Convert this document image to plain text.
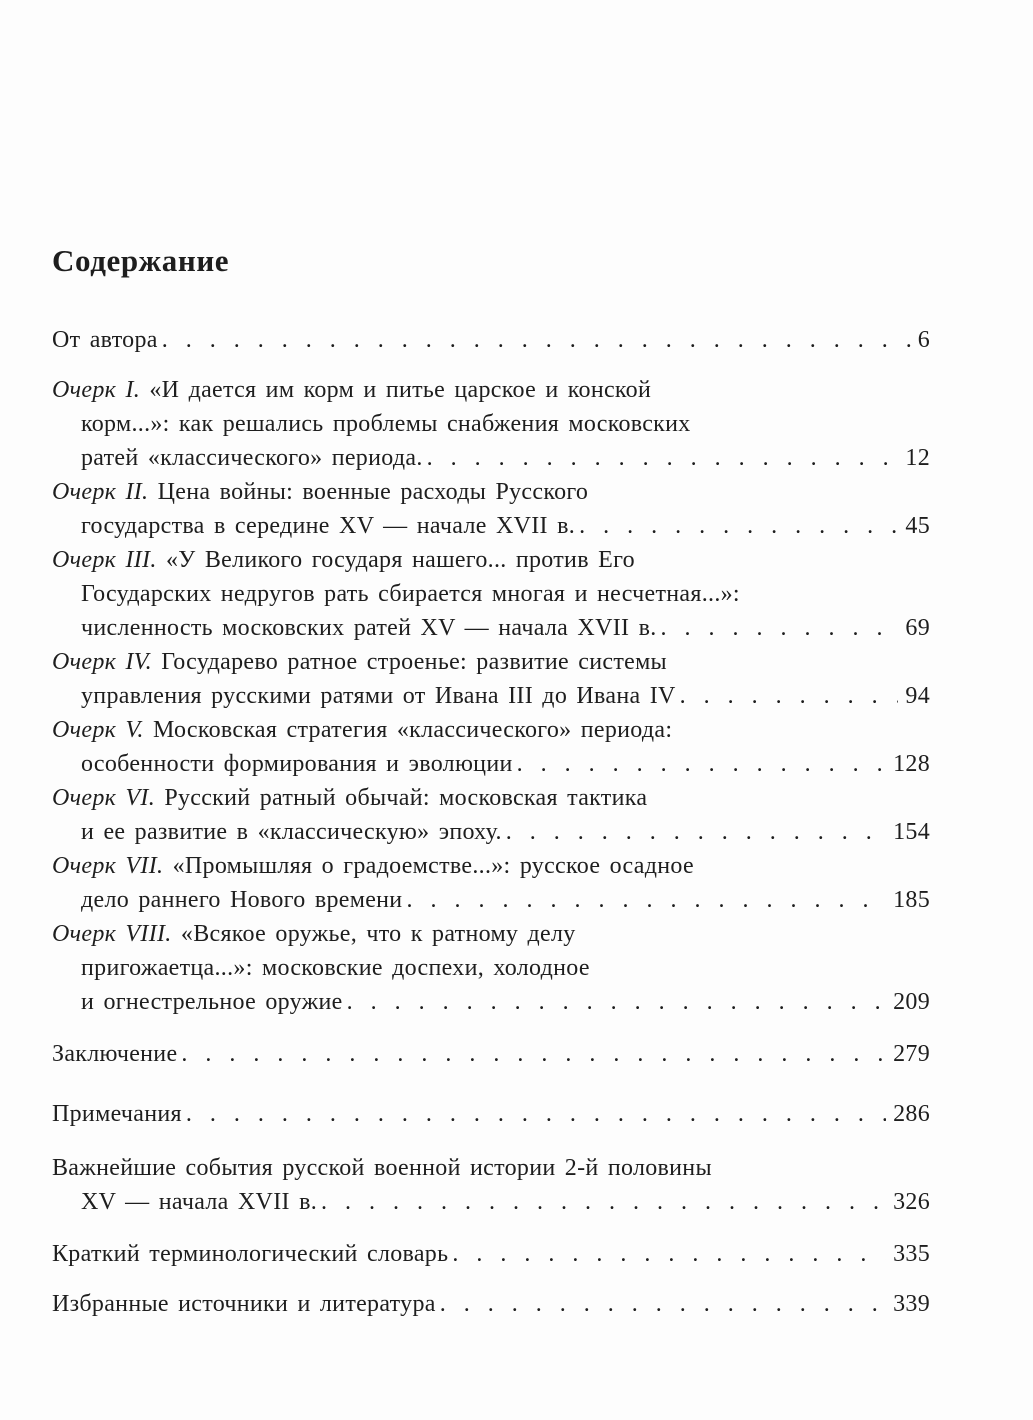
Содержание
От автора . . .	6
Очерк I. «И дается им корм и питье царское и конской
корм...»: как решались проблемы снабжения московских
ратей «классического» периода. . . .	12
Очерк II. Цена войны: военные расходы Русского
государства в середине XV — начале XVII в. . . .	45
Очерк III. «У Великого государя нашего... против Его
Государских недругов рать сбирается многая и несчетная...»:
численность московских ратей XV — начала XVII в. . . .	69
Очерк IV. Государево ратное строенье: развитие системы
управления русскими ратями от Ивана III до Ивана IV . . .	94
Очерк V. Московская стратегия «классического» периода:
особенности формирования и эволюции . . .	128
Очерк VI. Русский ратный обычай: московская тактика
и ее развитие в «классическую» эпоху. . . .	154
Очерк VII. «Промышляя о градоемстве...»: русское осадное
дело раннего Нового времени . . .	185
Очерк VIII. «Всякое оружье, что к ратному делу
пригожаетца...»: московские доспехи, холодное
и огнестрельное оружие . . .	209
Заключение . . .	279
Примечания . . .	286
Важнейшие события русской военной истории 2-й половины
XV — начала XVII в. . . .	326
Краткий терминологический словарь . . .	335
Избранные источники и литература . . .	339
